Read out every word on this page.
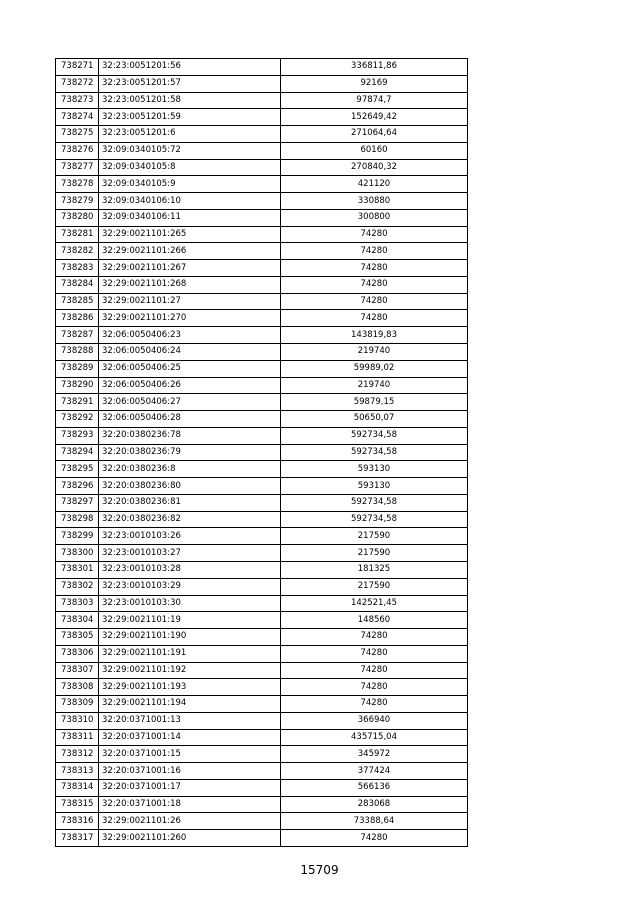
738271	32:23:0051201:56	336811,86
738272	32:23:0051201:57	92169
738273	32:23:0051201:58	97874,7
738274	32:23:0051201:59	152649,42
738275	32:23:0051201:6	271064,64
738276	32:09:0340105:72	60160
738277	32:09:0340105:8	270840,32
738278	32:09:0340105:9	421120
738279	32:09:0340106:10	330880
738280	32:09:0340106:11	300800
738281	32:29:0021101:265	74280
738282	32:29:0021101:266	74280
738283	32:29:0021101:267	74280
738284	32:29:0021101:268	74280
738285	32:29:0021101:27	74280
738286	32:29:0021101:270	74280
738287	32:06:0050406:23	143819,83
738288	32:06:0050406:24	219740
738289	32:06:0050406:25	59989,02
738290	32:06:0050406:26	219740
738291	32:06:0050406:27	59879,15
738292	32:06:0050406:28	50650,07
738293	32:20:0380236:78	592734,58
738294	32:20:0380236:79	592734,58
738295	32:20:0380236:8	593130
738296	32:20:0380236:80	593130
738297	32:20:0380236:81	592734,58
738298	32:20:0380236:82	592734,58
738299	32:23:0010103:26	217590
738300	32:23:0010103:27	217590
738301	32:23:0010103:28	181325
738302	32:23:0010103:29	217590
738303	32:23:0010103:30	142521,45
738304	32:29:0021101:19	148560
738305	32:29:0021101:190	74280
738306	32:29:0021101:191	74280
738307	32:29:0021101:192	74280
738308	32:29:0021101:193	74280
738309	32:29:0021101:194	74280
738310	32:20:0371001:13	366940
738311	32:20:0371001:14	435715,04
738312	32:20:0371001:15	345972
738313	32:20:0371001:16	377424
738314	32:20:0371001:17	566136
738315	32:20:0371001:18	283068
738316	32:29:0021101:26	73388,64
738317	32:29:0021101:260	74280
15709
